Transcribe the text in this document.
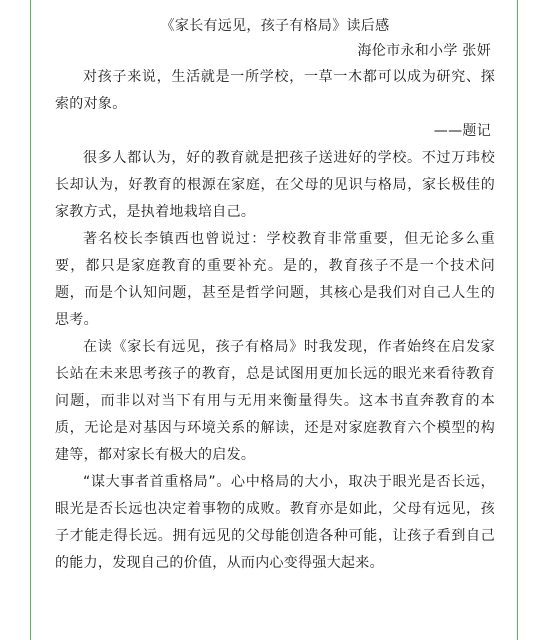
《家长有远见，孩子有格局》读后感

海伦市永和小学 张妍

对孩子来说，生活就是一所学校，一草一木都可以成为研究、探索的对象。

——题记

很多人都认为，好的教育就是把孩子送进好的学校。不过万玮校长却认为，好教育的根源在家庭，在父母的见识与格局，家长极佳的家教方式，是执着地栽培自己。

著名校长李镇西也曾说过：学校教育非常重要，但无论多么重要，都只是家庭教育的重要补充。是的，教育孩子不是一个技术问题，而是个认知问题，甚至是哲学问题，其核心是我们对自己人生的思考。

在读《家长有远见，孩子有格局》时我发现，作者始终在启发家长站在未来思考孩子的教育，总是试图用更加长远的眼光来看待教育问题，而非以对当下有用与无用来衡量得失。这本书直奔教育的本质，无论是对基因与环境关系的解读，还是对家庭教育六个模型的构建等，都对家长有极大的启发。

“谋大事者首重格局”。心中格局的大小，取决于眼光是否长远，眼光是否长远也决定着事物的成败。教育亦是如此，父母有远见，孩子才能走得长远。拥有远见的父母能创造各种可能，让孩子看到自己的能力，发现自己的价值，从而内心变得强大起来。
